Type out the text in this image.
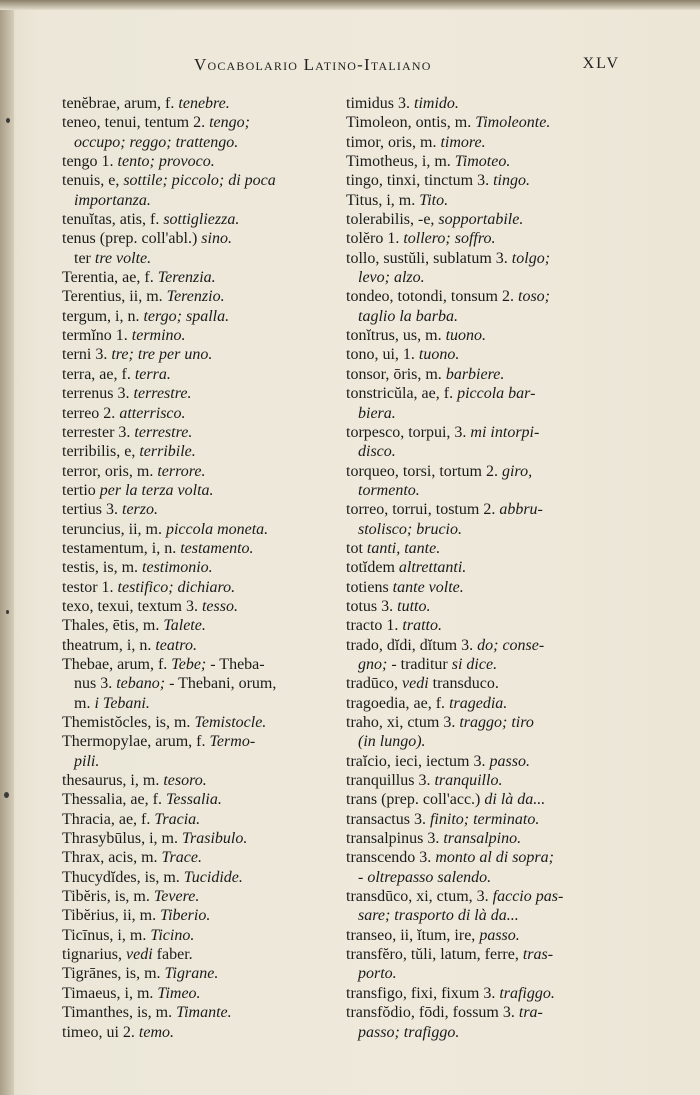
Vocabolario Latino-Italiano	XLV
tenĕbrae, arum, f. tenebre.
teneo, tenui, tentum 2. tengo;
occupo; reggo; trattengo.
tengo 1. tento; provoco.
tenuis, e, sottile; piccolo; di poca
importanza.
tenuĭtas, atis, f. sottigliezza.
tenus (prep. coll'abl.) sino.
ter tre volte.
Terentia, ae, f. Terenzia.
Terentius, ii, m. Terenzio.
tergum, i, n. tergo; spalla.
termĭno 1. termino.
terni 3. tre; tre per uno.
terra, ae, f. terra.
terrenus 3. terrestre.
terreo 2. atterrisco.
terrester 3. terrestre.
terribilis, e, terribile.
terror, oris, m. terrore.
tertio per la terza volta.
tertius 3. terzo.
teruncius, ii, m. piccola moneta.
testamentum, i, n. testamento.
testis, is, m. testimonio.
testor 1. testifico; dichiaro.
texo, texui, textum 3. tesso.
Thales, ētis, m. Talete.
theatrum, i, n. teatro.
Thebae, arum, f. Tebe; - Theba-
nus 3. tebano; - Thebani, orum,
m. i Tebani.
Themistŏcles, is, m. Temistocle.
Thermopylae, arum, f. Termo-
pili.
thesaurus, i, m. tesoro.
Thessalia, ae, f. Tessalia.
Thracia, ae, f. Tracia.
Thrasybūlus, i, m. Trasibulo.
Thrax, acis, m. Trace.
Thucydĭdes, is, m. Tucidide.
Tibĕris, is, m. Tevere.
Tibĕrius, ii, m. Tiberio.
Ticīnus, i, m. Ticino.
tignarius, vedi faber.
Tigrānes, is, m. Tigrane.
Timaeus, i, m. Timeo.
Timanthes, is, m. Timante.
timeo, ui 2. temo.
timidus 3. timido.
Timoleon, ontis, m. Timoleonte.
timor, oris, m. timore.
Timotheus, i, m. Timoteo.
tingo, tinxi, tinctum 3. tingo.
Titus, i, m. Tito.
tolerabilis, -e, sopportabile.
tolĕro 1. tollero; soffro.
tollo, sustŭli, sublatum 3. tolgo;
levo; alzo.
tondeo, totondi, tonsum 2. toso;
taglio la barba.
tonĭtrus, us, m. tuono.
tono, ui, 1. tuono.
tonsor, ōris, m. barbiere.
tonstricŭla, ae, f. piccola bar-
biera.
torpesco, torpui, 3. mi intorpi-
disco.
torqueo, torsi, tortum 2. giro,
tormento.
torreo, torrui, tostum 2. abbru-
stolisco; brucio.
tot tanti, tante.
totĭdem altrettanti.
totiens tante volte.
totus 3. tutto.
tracto 1. tratto.
trado, dĭdi, dĭtum 3. do; conse-
gno; - traditur si dice.
tradūco, vedi transduco.
tragoedia, ae, f. tragedia.
traho, xi, ctum 3. traggo; tiro
(in lungo).
traĭcio, ieci, iectum 3. passo.
tranquillus 3. tranquillo.
trans (prep. coll'acc.) di là da...
transactus 3. finito; terminato.
transalpinus 3. transalpino.
transcendo 3. monto al di sopra;
- oltrepasso salendo.
transdūco, xi, ctum, 3. faccio pas-
sare; trasporto di là da...
transeo, ii, ĭtum, ire, passo.
transfĕro, tŭli, latum, ferre, tras-
porto.
transfigo, fixi, fixum 3. trafiggo.
transfŏdio, fōdi, fossum 3. tra-
passo; trafiggo.
